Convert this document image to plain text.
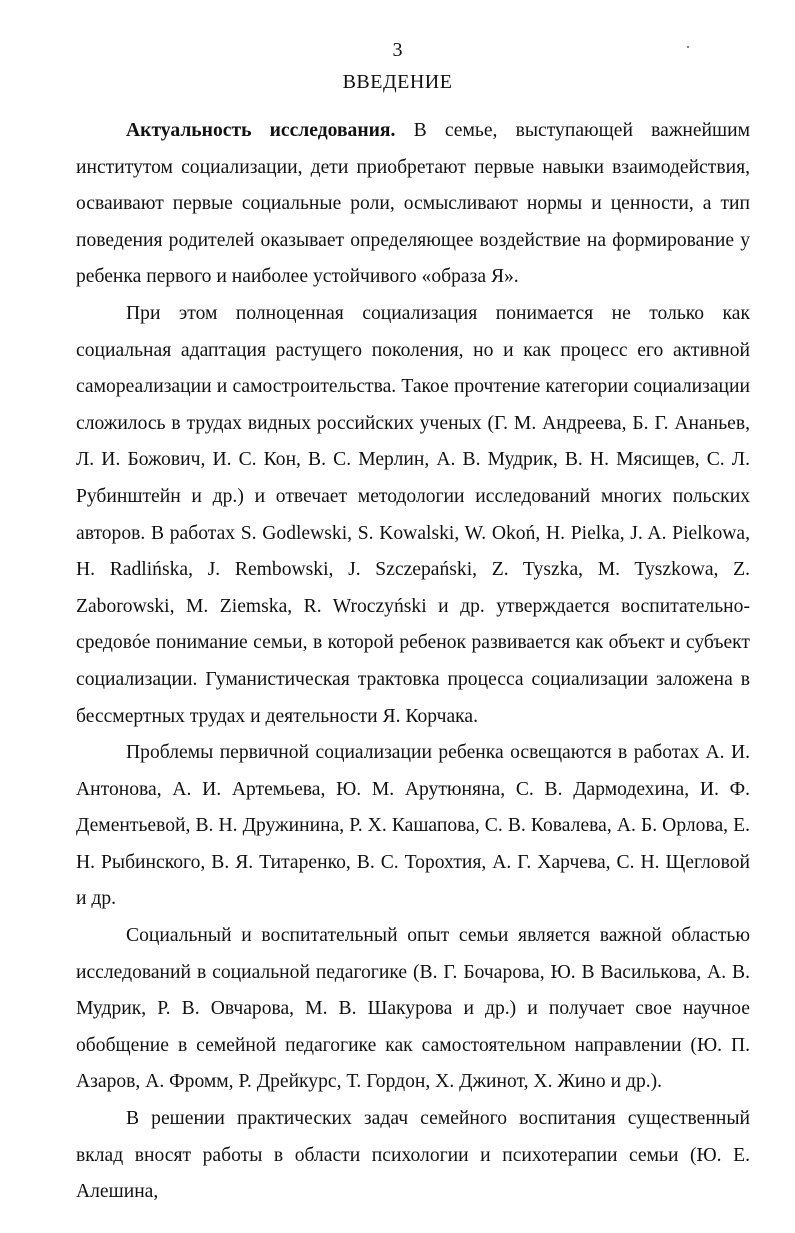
3
ВВЕДЕНИЕ

Актуальность исследования. В семье, выступающей важнейшим институтом социализации, дети приобретают первые навыки взаимодействия, осваивают первые социальные роли, осмысливают нормы и ценности, а тип поведения родителей оказывает определяющее воздействие на формирование у ребенка первого и наиболее устойчивого «образа Я».

При этом полноценная социализация понимается не только как социальная адаптация растущего поколения, но и как процесс его активной самореализации и самостроительства. Такое прочтение категории социализации сложилось в трудах видных российских ученых (Г. М. Андреева, Б. Г. Ананьев, Л. И. Божович, И. С. Кон, В. С. Мерлин, А. В. Мудрик, В. Н. Мясищев, С. Л. Рубинштейн и др.) и отвечает методологии исследований многих польских авторов. В работах S. Godlewski, S. Kowalski, W. Okoń, H. Pielka, J. A. Pielkowa, H. Radlińska, J. Rembowski, J. Szczepański, Z. Tyszka, M. Tyszkowa, Z. Zaborowski, M. Ziemska, R. Wroczyński и др. утверждается воспитательно-средовóе понимание семьи, в которой ребенок развивается как объект и субъект социализации. Гуманистическая трактовка процесса социализации заложена в бессмертных трудах и деятельности Я. Корчака.

Проблемы первичной социализации ребенка освещаются в работах А. И. Антонова, А. И. Артемьева, Ю. М. Арутюняна, С. В. Дармодехина, И. Ф. Дементьевой, В. Н. Дружинина, Р. Х. Кашапова, С. В. Ковалева, А. Б. Орлова, Е. Н. Рыбинского, В. Я. Титаренко, В. С. Торохтия, А. Г. Харчева, С. Н. Щегловой и др.

Социальный и воспитательный опыт семьи является важной областью исследований в социальной педагогике (В. Г. Бочарова, Ю. В Василькова, А. В. Мудрик, Р. В. Овчарова, М. В. Шакурова и др.) и получает свое научное обобщение в семейной педагогике как самостоятельном направлении (Ю. П. Азаров, А. Фромм, Р. Дрейкурс, Т. Гордон, Х. Джинот, Х. Жино и др.).

В решении практических задач семейного воспитания существенный вклад вносят работы в области психологии и психотерапии семьи (Ю. Е. Алешина,
